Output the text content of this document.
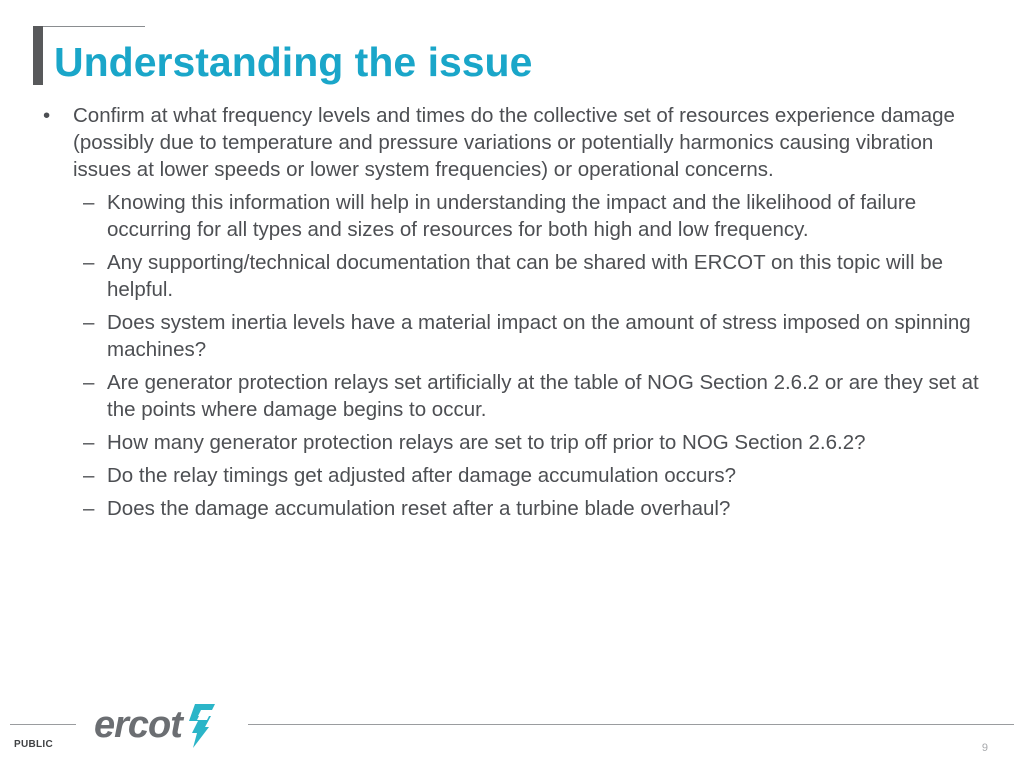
Understanding the issue
• Confirm at what frequency levels and times do the collective set of resources experience damage (possibly due to temperature and pressure variations or potentially harmonics causing vibration issues at lower speeds or lower system frequencies) or operational concerns.
– Knowing this information will help in understanding the impact and the likelihood of failure occurring for all types and sizes of resources for both high and low frequency.
– Any supporting/technical documentation that can be shared with ERCOT on this topic will be helpful.
– Does system inertia levels have a material impact on the amount of stress imposed on spinning machines?
– Are generator protection relays set artificially at the table of NOG Section 2.6.2 or are they set at the points where damage begins to occur.
– How many generator protection relays are set to trip off prior to NOG Section 2.6.2?
– Do the relay timings get adjusted after damage accumulation occurs?
– Does the damage accumulation reset after a turbine blade overhaul?
ercot
PUBLIC	9
